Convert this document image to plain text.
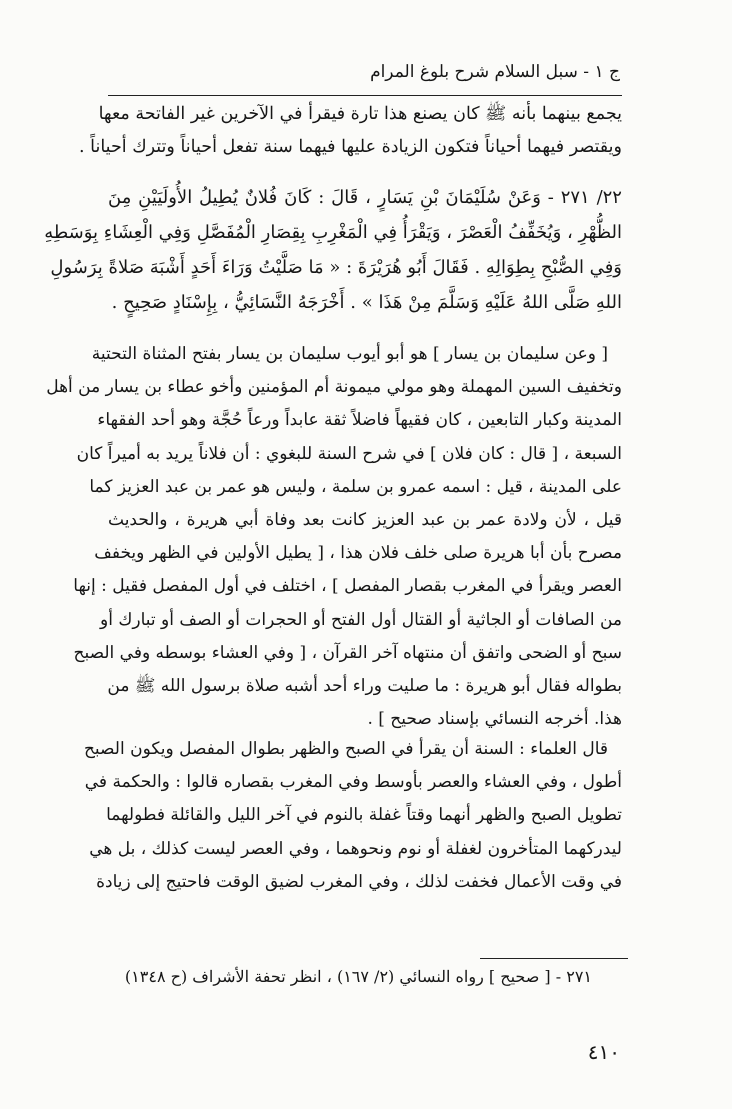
ج ١ - سبل السلام شرح بلوغ المرام
يجمع بينهما بأنه ﷺ كان يصنع هذا تارة فيقرأ في الآخرين غير الفاتحة معها
ويقتصر فيهما أحياناً فتكون الزيادة عليها فيهما سنة تفعل أحياناً وتترك أحياناً .
٢٢/ ٢٧١ - وَعَنْ سُلَيْمَانَ بْنِ يَسَارٍ ، قَالَ : كَانَ فُلانٌ يُطِيلُ الأُولَيَيْنِ مِنَ
الظُّهْرِ ، وَيُخَفِّفُ الْعَصْرَ ، وَيَقْرَأُ فِي الْمَغْرِبِ بِقِصَارِ الْمُفَصَّلِ وَفِي الْعِشَاءِ بِوَسَطِهِ
وَفِي الصُّبْحِ بِطِوَالِهِ . فَقَالَ أَبُو هُرَيْرَةَ : « مَا صَلَّيْتُ وَرَاءَ أَحَدٍ أَشْبَهَ صَلاةً بِرَسُولِ
اللهِ صَلَّى اللهُ عَلَيْهِ وَسَلَّمَ مِنْ هَذَا » . أَخْرَجَهُ النَّسَائِيُّ ، بِإِسْنَادٍ صَحِيحٍ .
[ وعن سليمان بن يسار ] هو أبو أيوب سليمان بن يسار بفتح المثناة التحتية
وتخفيف السين المهملة وهو مولي ميمونة أم المؤمنين وأخو عطاء بن يسار من أهل
المدينة وكبار التابعين ، كان فقيهاً فاضلاً ثقة عابداً ورعاً حُجَّة وهو أحد الفقهاء
السبعة ، [ قال : كان فلان ] في شرح السنة للبغوي : أن فلاناً يريد به أميراً كان
على المدينة ، قيل : اسمه عمرو بن سلمة ، وليس هو عمر بن عبد العزيز كما
قيل ، لأن ولادة عمر بن عبد العزيز كانت بعد وفاة أبي هريرة ، والحديث
مصرح بأن أبا هريرة صلى خلف فلان هذا ، [ يطيل الأولين في الظهر ويخفف
العصر ويقرأ في المغرب بقصار المفصل ] ، اختلف في أول المفصل فقيل : إنها
من الصافات أو الجاثية أو القتال أول الفتح أو الحجرات أو الصف أو تبارك أو
سبح أو الضحى واتفق أن منتهاه آخر القرآن ، [ وفي العشاء بوسطه وفي الصبح
بطواله فقال أبو هريرة : ما صليت وراء أحد أشبه صلاة برسول الله ﷺ من
هذا. أخرجه النسائي بإسناد صحيح ] .
قال العلماء : السنة أن يقرأ في الصبح والظهر بطوال المفصل ويكون الصبح
أطول ، وفي العشاء والعصر بأوسط وفي المغرب بقصاره قالوا : والحكمة في
تطويل الصبح والظهر أنهما وقتاً غفلة بالنوم في آخر الليل والقائلة فطولهما
ليدركهما المتأخرون لغفلة أو نوم ونحوهما ، وفي العصر ليست كذلك ، بل هي
في وقت الأعمال فخفت لذلك ، وفي المغرب لضيق الوقت فاحتيج إلى زيادة
٢٧١ - [ صحيح ] رواه النسائي (٢/ ١٦٧) ، انظر تحفة الأشراف (ح ١٣٤٨)
٤١٠
